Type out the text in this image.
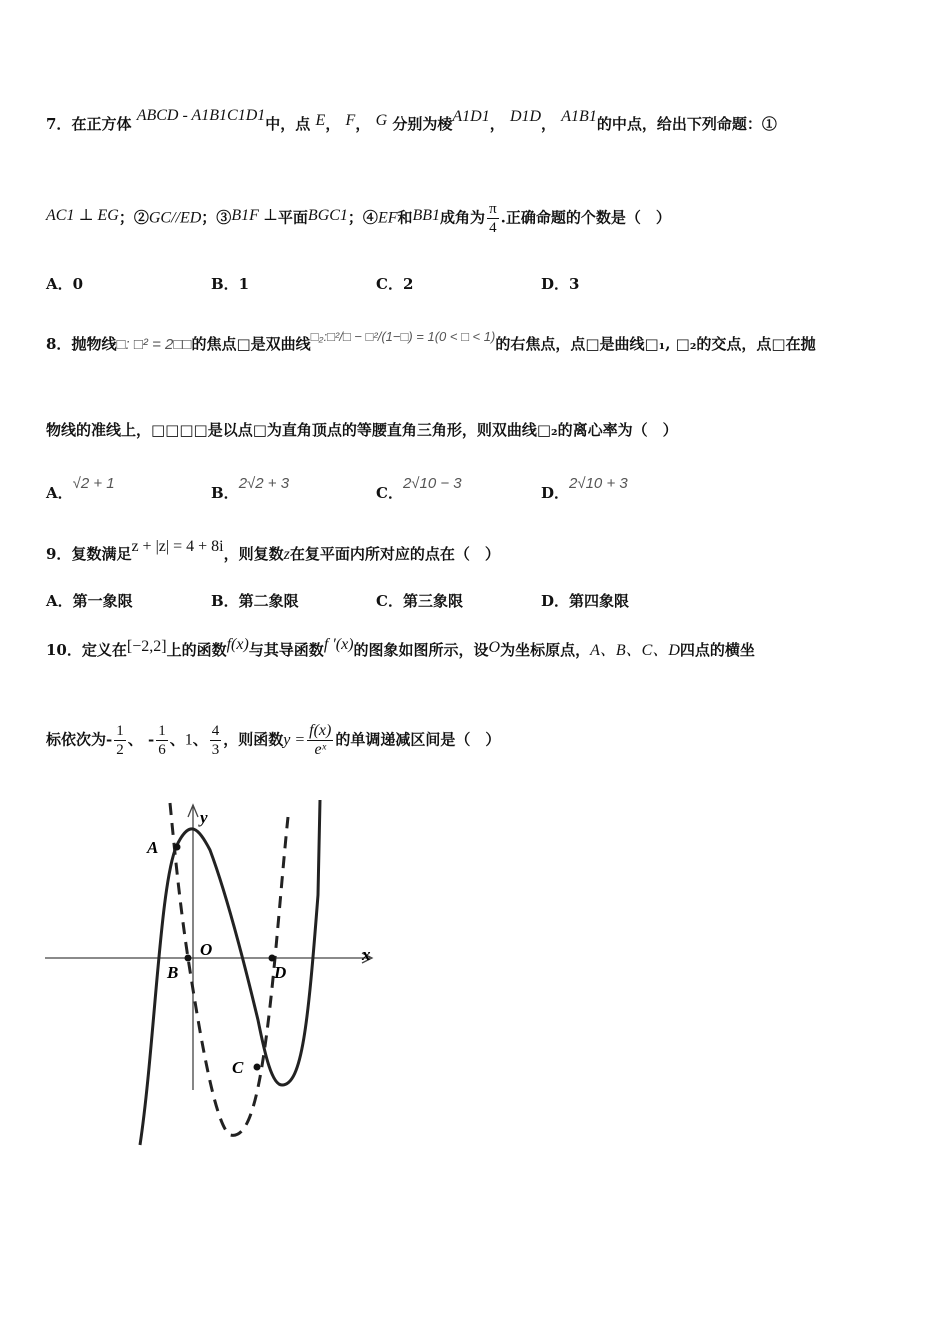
7．在正方体 ABCD - A1B1C1D1中，点 E， F， G 分别为棱A1D1， D1D， A1B1的中点，给出下列命题：①
AC1 ⊥ EG；②GC//ED；③B1F ⊥平面BGC1；④EF和BB1成角为 $\frac{\pi}{4}$ .正确命题的个数是（　）
A．0	B．1	C．2	D．3
8．抛物线□: □² = 2□□的焦点□是双曲线□₂:□²/□ − □²/(1−□) = 1(0 < □ < 1)的右焦点，点□是曲线□₁, □₂的交点，点□在抛
物线的准线上，□□□□是以点□为直角顶点的等腰直角三角形，则双曲线□₂的离心率为（　）
A．√2 + 1
B．2√2 + 3
C．2√10 − 3
D．2√10 + 3
9．复数满足z + |z| = 4 + 8i，则复数z在复平面内所对应的点在（　）
A．第一象限	B．第二象限	C．第三象限	D．第四象限
10．定义在[−2,2]上的函数f(x)与其导函数f ′(x)的图象如图所示，设O为坐标原点，A、B、C、D四点的横坐
标依次为- $\frac{1}{2}$ 、 - $\frac{1}{6}$ 、1、 $\frac{4}{3}$ ，则函数$y = \frac{f(x)}{\text{eˣ}}$ 的单调递减区间是（　）
y
x
O
A
B
C
D
